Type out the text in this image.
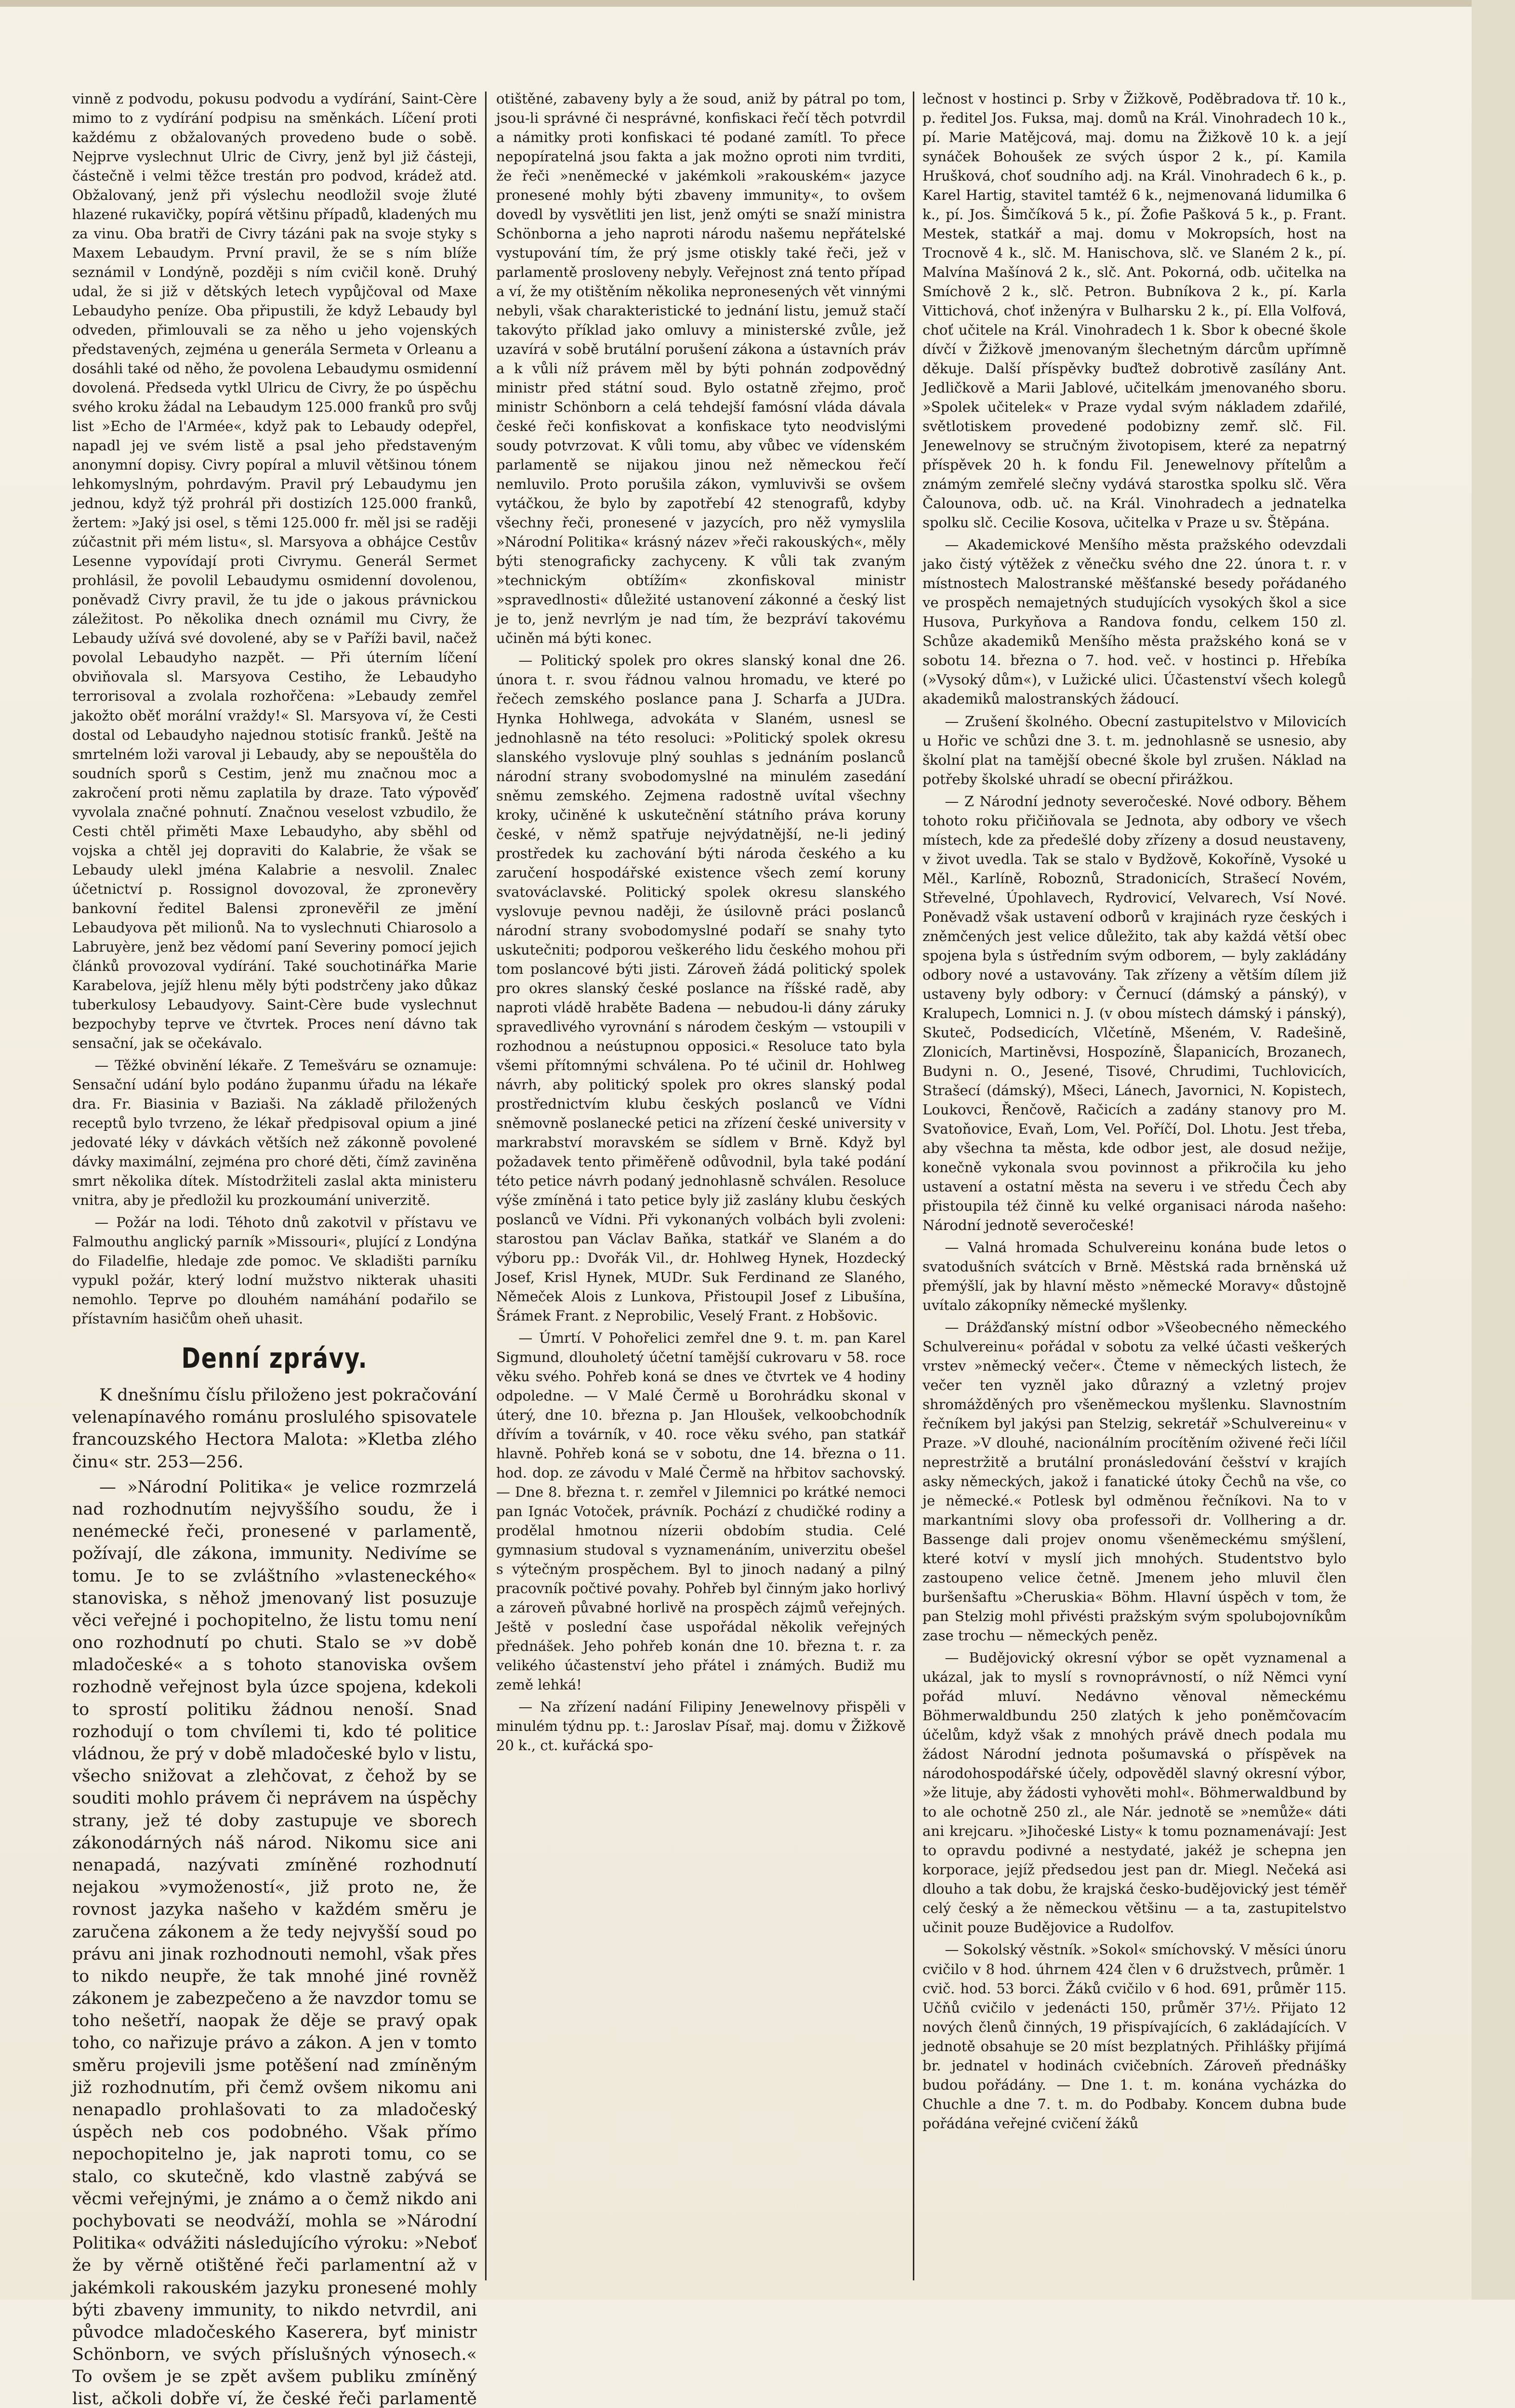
vinně z podvodu, pokusu podvodu a vydírání, Saint-Cère mimo to z vydírání podpisu na směnkách. Líčení proti každému z obžalovaných provedeno bude o sobě. Nejprve vyslechnut Ulric de Civry, jenž byl již částeji, částečně i velmi těžce trestán pro podvod, krádež atd. Obžalovaný, jenž při výslechu neodložil svoje žluté hlazené rukavičky, popírá většinu případů, kladených mu za vinu. Oba bratři de Civry tázáni pak na svoje styky s Maxem Lebaudym. První pravil, že se s ním blíže seznámil v Londýně, později s ním cvičil koně. Druhý udal, že si již v dětských letech vypůjčoval od Maxe Lebaudyho peníze. Oba připustili, že když Lebaudy byl odveden, přimlouvali se za něho u jeho vojenských představených, zejména u generála Sermeta v Orleanu a dosáhli také od něho, že povolena Lebaudymu osmidenní dovolená. Předseda vytkl Ulricu de Civry, že po úspěchu svého kroku žádal na Lebaudym 125.000 franků pro svůj list »Echo de l'Armée«, když pak to Lebaudy odepřel, napadl jej ve svém listě a psal jeho představeným anonymní dopisy. Civry popíral a mluvil většinou tónem lehkomyslným, pohrdavým. Pravil prý Lebaudymu jen jednou, když týž prohrál při dostizích 125.000 franků, žertem: »Jaký jsi osel, s těmi 125.000 fr. měl jsi se raději zúčastnit při mém listu«, sl. Marsyova a obhájce Cestův Lesenne vypovídají proti Civrymu. Generál Sermet prohlásil, že povolil Lebaudymu osmidenní dovolenou, poněvadž Civry pravil, že tu jde o jakous právnickou záležitost. Po několika dnech oznámil mu Civry, že Lebaudy užívá své dovolené, aby se v Paříži bavil, načež povolal Lebaudyho nazpět. — Při úterním líčení obviňovala sl. Marsyova Cestiho, že Lebaudyho terrorisoval a zvolala rozhořčena: »Lebaudy zemřel jakožto oběť morální vraždy!« Sl. Marsyova ví, že Cesti dostal od Lebaudyho najednou stotisíc franků. Ještě na smrtelném loži varoval ji Lebaudy, aby se nepouštěla do soudních sporů s Cestim, jenž mu značnou moc a zakročení proti němu zaplatila by draze. Tato výpověď vyvolala značné pohnutí. Značnou veselost vzbudilo, že Cesti chtěl přiměti Maxe Lebaudyho, aby sběhl od vojska a chtěl jej dopraviti do Kalabrie, že však se Lebaudy ulekl jména Kalabrie a nesvolil. Znalec účetnictví p. Rossignol dovozoval, že zpronevěry bankovní ředitel Balensi zpronevěřil ze jmění Lebaudyova pět milionů. Na to vyslechnuti Chiarosolo a Labruyère, jenž bez vědomí paní Severiny pomocí jejich článků provozoval vydírání. Také souchotinářka Marie Karabelova, jejíž hlenu měly býti podstrčeny jako důkaz tuberkulosy Lebaudyovy. Saint-Cère bude vyslechnut bezpochyby teprve ve čtvrtek. Proces není dávno tak sensační, jak se očekávalo.

— Těžké obvinění lékaře. Z Temešváru se oznamuje: Sensační udání bylo podáno županmu úřadu na lékaře dra. Fr. Biasinia v Baziaši. Na základě přiložených receptů bylo tvrzeno, že lékař předpisoval opium a jiné jedovaté léky v dávkách větších než zákonně povolené dávky maximální, zejména pro choré děti, čímž zaviněna smrt několika dítek. Místodržiteli zaslal akta ministeru vnitra, aby je předložil ku prozkoumání univerzitě.

— Požár na lodi. Téhoto dnů zakotvil v přístavu ve Falmouthu anglický parník »Missouri«, plující z Londýna do Filadelfie, hledaje zde pomoc. Ve skladišti parníku vypukl požár, který lodní mužstvo nikterak uhasiti nemohlo. Teprve po dlouhém namáhání podařilo se přístavním hasičům oheň uhasit.

Denní zprávy.

K dnešnímu číslu přiloženo jest pokračování velenapínavého románu proslulého spisovatele francouzského Hectora Malota: »Kletba zlého činu« str. 253—256.

— »Národní Politika« je velice rozmrzelá nad rozhodnutím nejvyššího soudu, že i nenémecké řeči, pronesené v parlamentě, požívají, dle zákona, immunity. Nedivíme se tomu. Je to se zvláštního »vlasteneckého« stanoviska, s něhož jmenovaný list posuzuje věci veřejné i pochopitelno, že listu tomu není ono rozhodnutí po chuti. Stalo se »v době mladočeské« a s tohoto stanoviska ovšem rozhodně veřejnost byla úzce spojena, kdekoli to sprostí politiku žádnou nenoší. Snad rozhodují o tom chvílemi ti, kdo té politice vládnou, že prý v době mladočeské bylo v listu, všecho snižovat a zlehčovat, z čehož by se souditi mohlo právem či neprávem na úspěchy strany, jež té doby zastupuje ve sborech zákonodárných náš národ. Nikomu sice ani nenapadá, nazývati zmíněné rozhodnutí nejakou »vymožeností«, již proto ne, že rovnost jazyka našeho v každém směru je zaručena zákonem a že tedy nejvyšší soud po právu ani jinak rozhodnouti nemohl, však přes to nikdo neupře, že tak mnohé jiné rovněž zákonem je zabezpečeno a že navzdor tomu se toho nešetří, naopak že děje se pravý opak toho, co nařizuje právo a zákon. A jen v tomto směru projevili jsme potěšení nad zmíněným již rozhodnutím, při čemž ovšem nikomu ani nenapadlo prohlašovati to za mladočeský úspěch neb cos podobného. Však přímo nepochopitelno je, jak naproti tomu, co se stalo, co skutečně, kdo vlastně zabývá se věcmi veřejnými, je známo a o čemž nikdo ani pochybovati se neodváží, mohla se »Národní Politika« odvážiti následujícího výroku: »Neboť že by věrně otištěné řeči parlamentní až v jakémkoli rakouském jazyku pronesené mohly býti zbaveny immunity, to nikdo netvrdil, ani původce mladočeského Kaserera, byť ministr Schönborn, ve svých příslušných výnosech.« To ovšem je se zpět avšem publiku zmíněný list, ačkoli dobře ví, že české řeči parlamentě

otištěné, zabaveny byly a že soud, aniž by pátral po tom, jsou-li správné či nesprávné, konfiskaci řečí těch potvrdil a námitky proti konfiskaci té podané zamítl. To přece nepopíratelná jsou fakta a jak možno oproti nim tvrditi, že řeči »neněmecké v jakémkoli »rakouském« jazyce pronesené mohly býti zbaveny immunity«, to ovšem dovedl by vysvětliti jen list, jenž omýti se snaží ministra Schönborna a jeho naproti národu našemu nepřátelské vystupování tím, že prý jsme otiskly také řeči, jež v parlamentě prosloveny nebyly. Veřejnost zná tento případ a ví, že my otištěním několika nepronesených vět vinnými nebyli, však charakteristické to jednání listu, jemuž stačí takovýto příklad jako omluvy a ministerské zvůle, jež uzavírá v sobě brutální porušení zákona a ústavních práv a k vůli níž právem měl by býti pohnán zodpovědný ministr před státní soud. Bylo ostatně zřejmo, proč ministr Schönborn a celá tehdejší famósní vláda dávala české řeči konfiskovat a konfiskace tyto neodvislými soudy potvrzovat. K vůli tomu, aby vůbec ve vídenském parlamentě se nijakou jinou než německou řečí nemluvilo. Proto porušila zákon, vymluvivši se ovšem vytáčkou, že bylo by zapotřebí 42 stenografů, kdyby všechny řeči, pronesené v jazycích, pro něž vymyslila »Národní Politika« krásný název »řeči rakouských«, měly býti stenograficky zachyceny. K vůli tak zvaným »technickým obtížím« zkonfiskoval ministr »spravedlnosti« důležité ustanovení zákonné a český list je to, jenž nevrlým je nad tím, že bezpráví takovému učiněn má býti konec.

— Politický spolek pro okres slanský konal dne 26. února t. r. svou řádnou valnou hromadu, ve které po řečech zemského poslance pana J. Scharfa a JUDra. Hynka Hohlwega, advokáta v Slaném, usnesl se jednohlasně na této resoluci: »Politický spolek okresu slanského vyslovuje plný souhlas s jednáním poslanců národní strany svobodomyslné na minulém zasedání sněmu zemského. Zejmena radostně uvítal všechny kroky, učiněné k uskutečnění státního práva koruny české, v němž spatřuje nejvýdatnější, ne-li jediný prostředek ku zachování býti národa českého a ku zaručení hospodářské existence všech zemí koruny svatováclavské. Politický spolek okresu slanského vyslovuje pevnou naději, že úsilovně práci poslanců národní strany svobodomyslné podaří se snahy tyto uskutečniti; podporou veškerého lidu českého mohou při tom poslancové býti jisti. Zároveň žádá politický spolek pro okres slanský české poslance na říšské radě, aby naproti vládě hraběte Badena — nebudou-li dány záruky spravedlivého vyrovnání s národem českým — vstoupili v rozhodnou a neústupnou opposici.« Resoluce tato byla všemi přítomnými schválena. Po té učinil dr. Hohlweg návrh, aby politický spolek pro okres slanský podal prostřednictvím klubu českých poslanců ve Vídni sněmovně poslanecké petici na zřízení české university v markrabství moravském se sídlem v Brně. Když byl požadavek tento přiměřeně odůvodnil, byla také podání této petice návrh podaný jednohlasně schválen. Resoluce výše zmíněná i tato petice byly již zaslány klubu českých poslanců ve Vídni. Při vykonaných volbách byli zvoleni: starostou pan Václav Baňka, statkář ve Slaném a do výboru pp.: Dvořák Vil., dr. Hohlweg Hynek, Hozdecký Josef, Krisl Hynek, MUDr. Suk Ferdinand ze Slaného, Němeček Alois z Lunkova, Přistoupil Josef z Libušína, Šrámek Frant. z Neprobilic, Veselý Frant. z Hobšovic.

— Úmrtí. V Pohořelici zemřel dne 9. t. m. pan Karel Sigmund, dlouholetý účetní tamější cukrovaru v 58. roce věku svého. Pohřeb koná se dnes ve čtvrtek ve 4 hodiny odpoledne. — V Malé Čermě u Borohrádku skonal v úterý, dne 10. března p. Jan Hloušek, velkoobchodník dřívím a továrník, v 40. roce věku svého, pan statkář hlavně. Pohřeb koná se v sobotu, dne 14. března o 11. hod. dop. ze závodu v Malé Čermě na hřbitov sachovský. — Dne 8. března t. r. zemřel v Jilemnici po krátké nemoci pan Ignác Votoček, právník. Pochází z chudičké rodiny a prodělal hmotnou nízerii obdobím studia. Celé gymnasium studoval s vyznamenáním, univerzitu obešel s výtečným prospěchem. Byl to jinoch nadaný a pilný pracovník počtivé povahy. Pohřeb byl činným jako horlivý a zároveň půvabné horlivě na prospěch zájmů veřejných. Ještě v poslední čase uspořádal několik veřejných přednášek. Jeho pohřeb konán dne 10. března t. r. za velikého účastenství jeho přátel i známých. Budiž mu země lehká!

— Na zřízení nadání Filipiny Jenewelnovy přispěli v minulém týdnu pp. t.: Jaroslav Písař, maj. domu v Žižkově 20 k., ct. kuřácká spo-

lečnost v hostinci p. Srby v Žižkově, Poděbradova tř. 10 k., p. ředitel Jos. Fuksa, maj. domů na Král. Vinohradech 10 k., pí. Marie Matějcová, maj. domu na Žižkově 10 k. a její synáček Bohoušek ze svých úspor 2 k., pí. Kamila Hrušková, choť soudního adj. na Král. Vinohradech 6 k., p. Karel Hartig, stavitel tamtéž 6 k., nejmenovaná lidumilka 6 k., pí. Jos. Šimčíková 5 k., pí. Žofie Pašková 5 k., p. Frant. Mestek, statkář a maj. domu v Mokropsích, host na Trocnově 4 k., slč. M. Hanischova, slč. ve Slaném 2 k., pí. Malvína Mašínová 2 k., slč. Ant. Pokorná, odb. učitelka na Smíchově 2 k., slč. Petron. Bubníkova 2 k., pí. Karla Vittichová, choť inženýra v Bulharsku 2 k., pí. Ella Volfová, choť učitele na Král. Vinohradech 1 k. Sbor k obecné škole dívčí v Žižkově jmenovaným šlechetným dárcům upřímně děkuje. Další příspěvky buďtež dobrotivě zasílány Ant. Jedličkově a Marii Jablové, učitelkám jmenovaného sboru. »Spolek učitelek« v Praze vydal svým nákladem zdařilé, světlotiskem provedené podobizny zemř. slč. Fil. Jenewelnovy se stručným životopisem, které za nepatrný příspěvek 20 h. k fondu Fil. Jenewelnovy přítelům a známým zemřelé slečny vydává starostka spolku slč. Věra Čalounova, odb. uč. na Král. Vinohradech a jednatelka spolku slč. Cecilie Kosova, učitelka v Praze u sv. Štěpána.

— Akademickové Menšího města pražského odevzdali jako čistý výtěžek z věnečku svého dne 22. února t. r. v místnostech Malostranské měšťanské besedy pořádaného ve prospěch nemajetných studujících vysokých škol a sice Husova, Purkyňova a Randova fondu, celkem 150 zl. Schůze akademiků Menšího města pražského koná se v sobotu 14. března o 7. hod. več. v hostinci p. Hřebíka (»Vysoký dům«), v Lužické ulici. Účastenství všech kolegů akademiků malostranských žádoucí.

— Zrušení školného. Obecní zastupitelstvo v Milovicích u Hořic ve schůzi dne 3. t. m. jednohlasně se usnesio, aby školní plat na tamější obecné škole byl zrušen. Náklad na potřeby školské uhradí se obecní přirážkou.

— Z Národní jednoty severočeské. Nové odbory. Během tohoto roku přičiňovala se Jednota, aby odbory ve všech místech, kde za předešlé doby zřízeny a dosud neustaveny, v život uvedla. Tak se stalo v Bydžově, Kokoříně, Vysoké u Měl., Karlíně, Roboznů, Stradonicích, Strašecí Novém, Střevelné, Úpohlavech, Rydrovicí, Velvarech, Vsí Nové. Poněvadž však ustavení odborů v krajinách ryze českých i zněmčených jest velice důležito, tak aby každá větší obec spojena byla s ústředním svým odborem, — byly zakládány odbory nové a ustavovány. Tak zřízeny a větším dílem již ustaveny byly odbory: v Černucí (dámský a pánský), v Kralupech, Lomnici n. J. (v obou místech dámský i pánský), Skuteč, Podsedicích, Vlčetíně, Mšeném, V. Radešině, Zlonicích, Martiněvsi, Hospozíně, Šlapanicích, Brozanech, Budyni n. O., Jesené, Tisové, Chrudimi, Tuchlovicích, Strašecí (dámský), Mšeci, Lánech, Javornici, N. Kopistech, Loukovci, Řenčově, Račicích a zadány stanovy pro M. Svatoňovice, Evaň, Lom, Vel. Poříčí, Dol. Lhotu. Jest třeba, aby všechna ta města, kde odbor jest, ale dosud nežije, konečně vykonala svou povinnost a přikročila ku jeho ustavení a ostatní města na severu i ve středu Čech aby přistoupila též činně ku velké organisaci národa našeho: Národní jednotě severočeské!

— Valná hromada Schulvereinu konána bude letos o svatodušních svátcích v Brně. Městská rada brněnská už přemýšlí, jak by hlavní město »německé Moravy« důstojně uvítalo zákopníky německé myšlenky.

— Drážďanský místní odbor »Všeobecného německého Schulvereinu« pořádal v sobotu za velké účasti veškerých vrstev »německý večer«. Čteme v německých listech, že večer ten vyzněl jako důrazný a vzletný projev shromážděných pro všeněmeckou myšlenku. Slavnostním řečníkem byl jakýsi pan Stelzig, sekretář »Schulvereinu« v Praze. »V dlouhé, nacionálním procítěním oživené řeči líčil neprestržitě a brutální pronásledování češství v krajích asky německých, jakož i fanatické útoky Čechů na vše, co je německé.« Potlesk byl odměnou řečníkovi. Na to v markantními slovy oba professoři dr. Vollhering a dr. Bassenge dali projev onomu všeněmeckému smýšlení, které kotví v myslí jich mnohých. Studentstvo bylo zastoupeno velice četně. Jmenem jeho mluvil člen buršenšaftu »Cheruskia« Böhm. Hlavní úspěch v tom, že pan Stelzig mohl přivésti pražským svým spolubojovníkům zase trochu — německých peněz.

— Budějovický okresní výbor se opět vyznamenal a ukázal, jak to myslí s rovnoprávností, o níž Němci vyní pořád mluví. Nedávno věnoval německému Böhmerwaldbundu 250 zlatých k jeho poněmčovacím účelům, když však z mnohých právě dnech podala mu žádost Národní jednota pošumavská o příspěvek na národohospodářské účely, odpověděl slavný okresní výbor, »že lituje, aby žádosti vyhověti mohl«. Böhmerwaldbund by to ale ochotně 250 zl., ale Nár. jednotě se »nemůže« dáti ani krejcaru. »Jihočeské Listy« k tomu poznamenávají: Jest to opravdu podivné a nestydaté, jakéž je schepna jen korporace, jejíž předsedou jest pan dr. Miegl. Nečeká asi dlouho a tak dobu, že krajská česko-budějovický jest téměř celý český a že německou většinu — a ta, zastupitelstvo učinit pouze Budějovice a Rudolfov.

— Sokolský věstník. »Sokol« smíchovský. V měsíci únoru cvičilo v 8 hod. úhrnem 424 člen v 6 družstvech, průměr. 1 cvič. hod. 53 borci. Žáků cvičilo v 6 hod. 691, průměr 115. Učňů cvičilo v jedenácti 150, průměr 37½. Přijato 12 nových členů činných, 19 přispívajících, 6 zakládajících. V jednotě obsahuje se 20 míst bezplatných. Přihlášky přijímá br. jednatel v hodinách cvičebních. Zároveň přednášky budou pořádány. — Dne 1. t. m. konána vycházka do Chuchle a dne 7. t. m. do Podbaby. Koncem dubna bude pořádána veřejné cvičení žáků
